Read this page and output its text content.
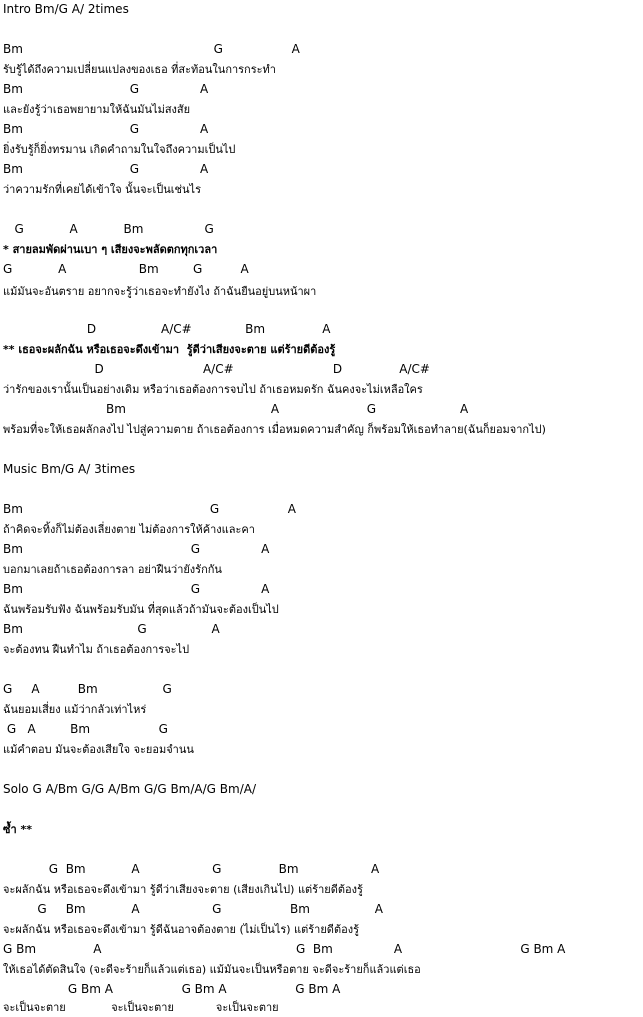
Intro Bm/G A/ 2times
Bm                                                  G                  A
รับรู้ได้ถึงความเปลี่ยนแปลงของเธอ ที่สะท้อนในการกระทำ
Bm                            G                A
และยังรู้ว่าเธอพยายามให้ฉันมันไม่สงสัย
Bm                            G                A
ยิ่งรับรู้ก็ยิ่งทรมาน เกิดคำถามในใจถึงความเป็นไป
Bm                            G                A
ว่าความรักที่เคยได้เข้าใจ นั้นจะเป็นเช่นไร
G            A            Bm                G
* สายลมพัดผ่านเบา ๆ เสียงจะพลัดตกทุกเวลา
G            A                   Bm         G          A
แม้มันจะอันตราย อยากจะรู้ว่าเธอจะทำยังไง ถ้าฉันยืนอยู่บนหน้าผา
D                 A/C#              Bm               A
** เธอจะผลักฉัน หรือเธอจะดึงเข้ามา  รู้ดีว่าเสียงจะตาย แต่ร้ายดีต้องรู้
D                          A/C#                          D               A/C#
ว่ารักของเรานั้นเป็นอย่างเดิม หรือว่าเธอต้องการจบไป ถ้าเธอหมดรัก ฉันคงจะไม่เหลือใคร
Bm                                      A                       G                      A
พร้อมที่จะให้เธอผลักลงไป ไปสู่ความตาย ถ้าเธอต้องการ เมื่อหมดความสำคัญ ก็พร้อมให้เธอทำลาย(ฉันก็ยอมจากไป)
Music Bm/G A/ 3times
Bm                                                 G                  A
ถ้าคิดจะทิ้งก็ไม่ต้องเลี่ยงตาย ไม่ต้องการให้ค้างและคา
Bm                                            G                A
บอกมาเลยถ้าเธอต้องการลา อย่าฝืนว่ายังรักกัน
Bm                                            G                A
ฉันพร้อมรับฟัง ฉันพร้อมรับมัน ที่สุดแล้วถ้ามันจะต้องเป็นไป
Bm                              G                 A
จะต้องทน ฝืนทำไม ถ้าเธอต้องการจะไป
G     A          Bm                 G
ฉันยอมเสี่ยง แม้ว่ากลัวเท่าไหร่
G   A         Bm                  G
แม้คำตอบ มันจะต้องเสียใจ จะยอมจำนน
Solo G A/Bm G/G A/Bm G/G Bm/A/G Bm/A/
ซ้ำ **
G  Bm            A                   G               Bm                   A
จะผลักฉัน หรือเธอจะดึงเข้ามา รู้ดีว่าเสียงจะตาย (เสียงเกินไป) แต่ร้ายดีต้องรู้
G     Bm            A                   G                  Bm                 A
จะผลักฉัน หรือเธอจะดึงเข้ามา รู้ดีฉันอาจต้องตาย (ไม่เป็นไร) แต่ร้ายดีต้องรู้
G Bm               A                                                   G  Bm                A                               G Bm A
ให้เธอได้ตัดสินใจ (จะดีจะร้ายก็แล้วแต่เธอ) แม้มันจะเป็นหรือตาย จะดีจะร้ายก็แล้วแต่เธอ
G Bm A                  G Bm A                  G Bm A
จะเป็นจะตาย             จะเป็นจะตาย            จะเป็นจะตาย
